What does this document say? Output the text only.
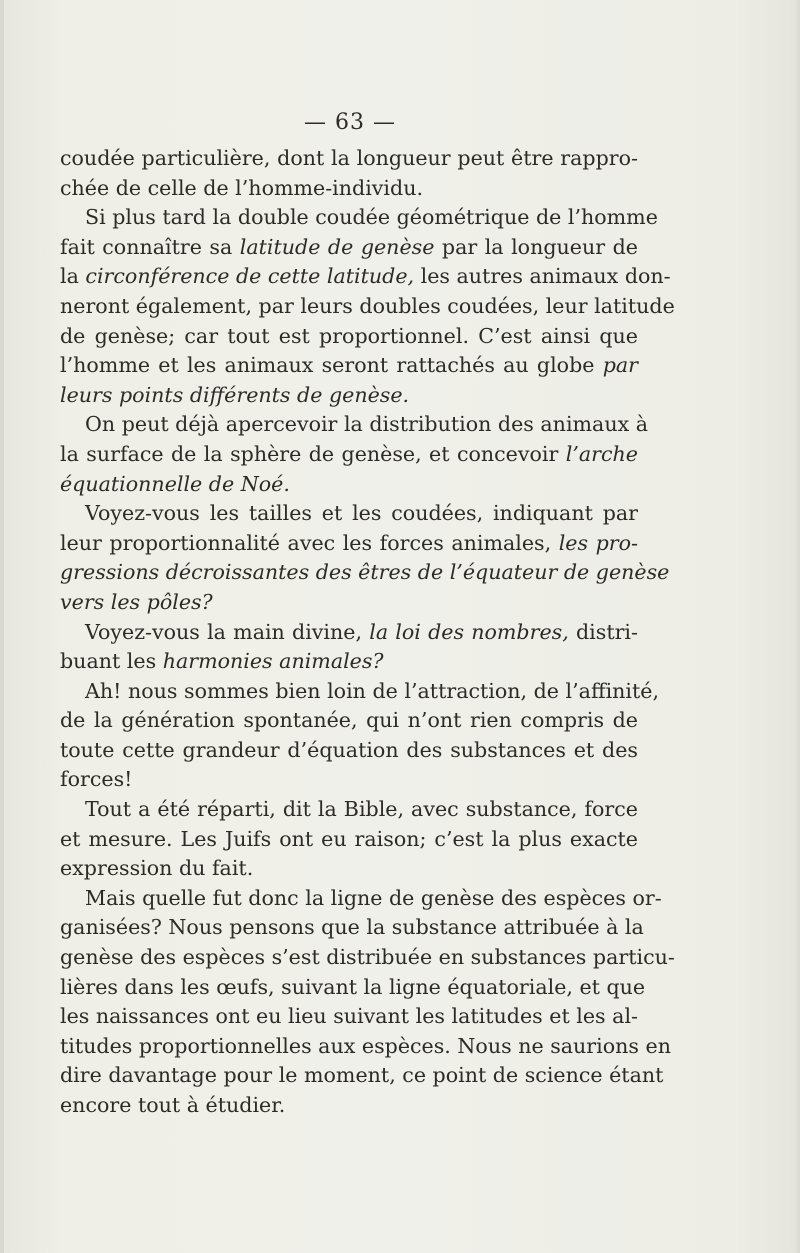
— 63 —
coudée particulière, dont la longueur peut être rappro-
chée de celle de l’homme-individu.
Si plus tard la double coudée géométrique de l’homme
fait connaître sa latitude de genèse par la longueur de
la circonférence de cette latitude, les autres animaux don-
neront également, par leurs doubles coudées, leur latitude
de genèse; car tout est proportionnel. C’est ainsi que
l’homme et les animaux seront rattachés au globe par
leurs points différents de genèse.
On peut déjà apercevoir la distribution des animaux à
la surface de la sphère de genèse, et concevoir l’arche
équationnelle de Noé.
Voyez-vous les tailles et les coudées, indiquant par
leur proportionnalité avec les forces animales, les pro-
gressions décroissantes des êtres de l’équateur de genèse
vers les pôles?
Voyez-vous la main divine, la loi des nombres, distri-
buant les harmonies animales?
Ah! nous sommes bien loin de l’attraction, de l’affinité,
de la génération spontanée, qui n’ont rien compris de
toute cette grandeur d’équation des substances et des
forces!
Tout a été réparti, dit la Bible, avec substance, force
et mesure. Les Juifs ont eu raison; c’est la plus exacte
expression du fait.
Mais quelle fut donc la ligne de genèse des espèces or-
ganisées? Nous pensons que la substance attribuée à la
genèse des espèces s’est distribuée en substances particu-
lières dans les œufs, suivant la ligne équatoriale, et que
les naissances ont eu lieu suivant les latitudes et les al-
titudes proportionnelles aux espèces. Nous ne saurions en
dire davantage pour le moment, ce point de science étant
encore tout à étudier.
